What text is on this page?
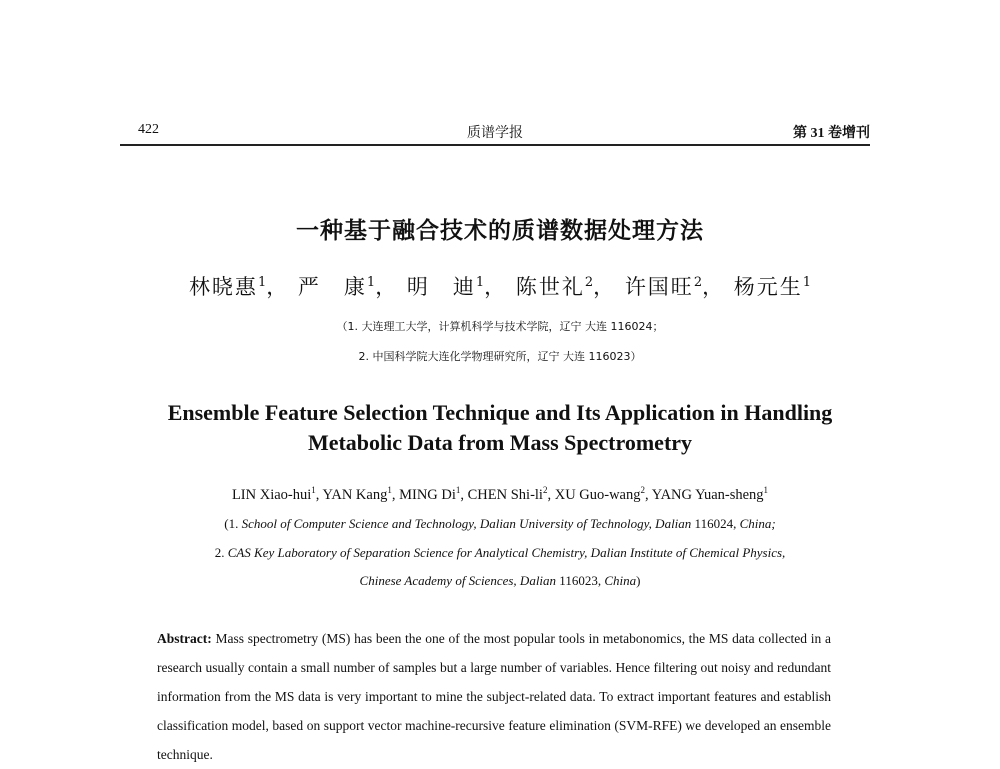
422	质谱学报	第 31 卷增刊
一种基于融合技术的质谱数据处理方法
林晓惠$^1$， 严　康$^1$， 明　迪$^1$， 陈世礼$^2$， 许国旺$^2$， 杨元生$^1$
（1. 大连理工大学，计算机科学与技术学院，辽宁 大连 116024；
2. 中国科学院大连化学物理研究所，辽宁 大连 116023）
Ensemble Feature Selection Technique and Its Application in Handling
Metabolic Data from Mass Spectrometry
LIN Xiao-hui$^1$, YAN Kang$^1$, MING Di$^1$, CHEN Shi-$li^2$, XU Guo-wang$^2$, YANG Yuan-sheng$^1$
(1. School of Computer Science and Technology, Dalian University of Technology, Dalian 116024, China;
2. CAS Key Laboratory of Separation Science for Analytical Chemistry, Dalian Institute of Chemical Physics,
Chinese Academy of Sciences, Dalian 116023, China)
Abstract: Mass spectrometry (MS) has been the one of the most popular tools in metabonomics, the MS data collected in a research usually contain a small number of samples but a large number of variables. Hence filtering out noisy and redundant information from the MS data is very important to mine the subject-related data. To extract important features and establish classification model, based on support vector machine-recursive feature elimination (SVM-RFE) we developed an ensemble technique.
